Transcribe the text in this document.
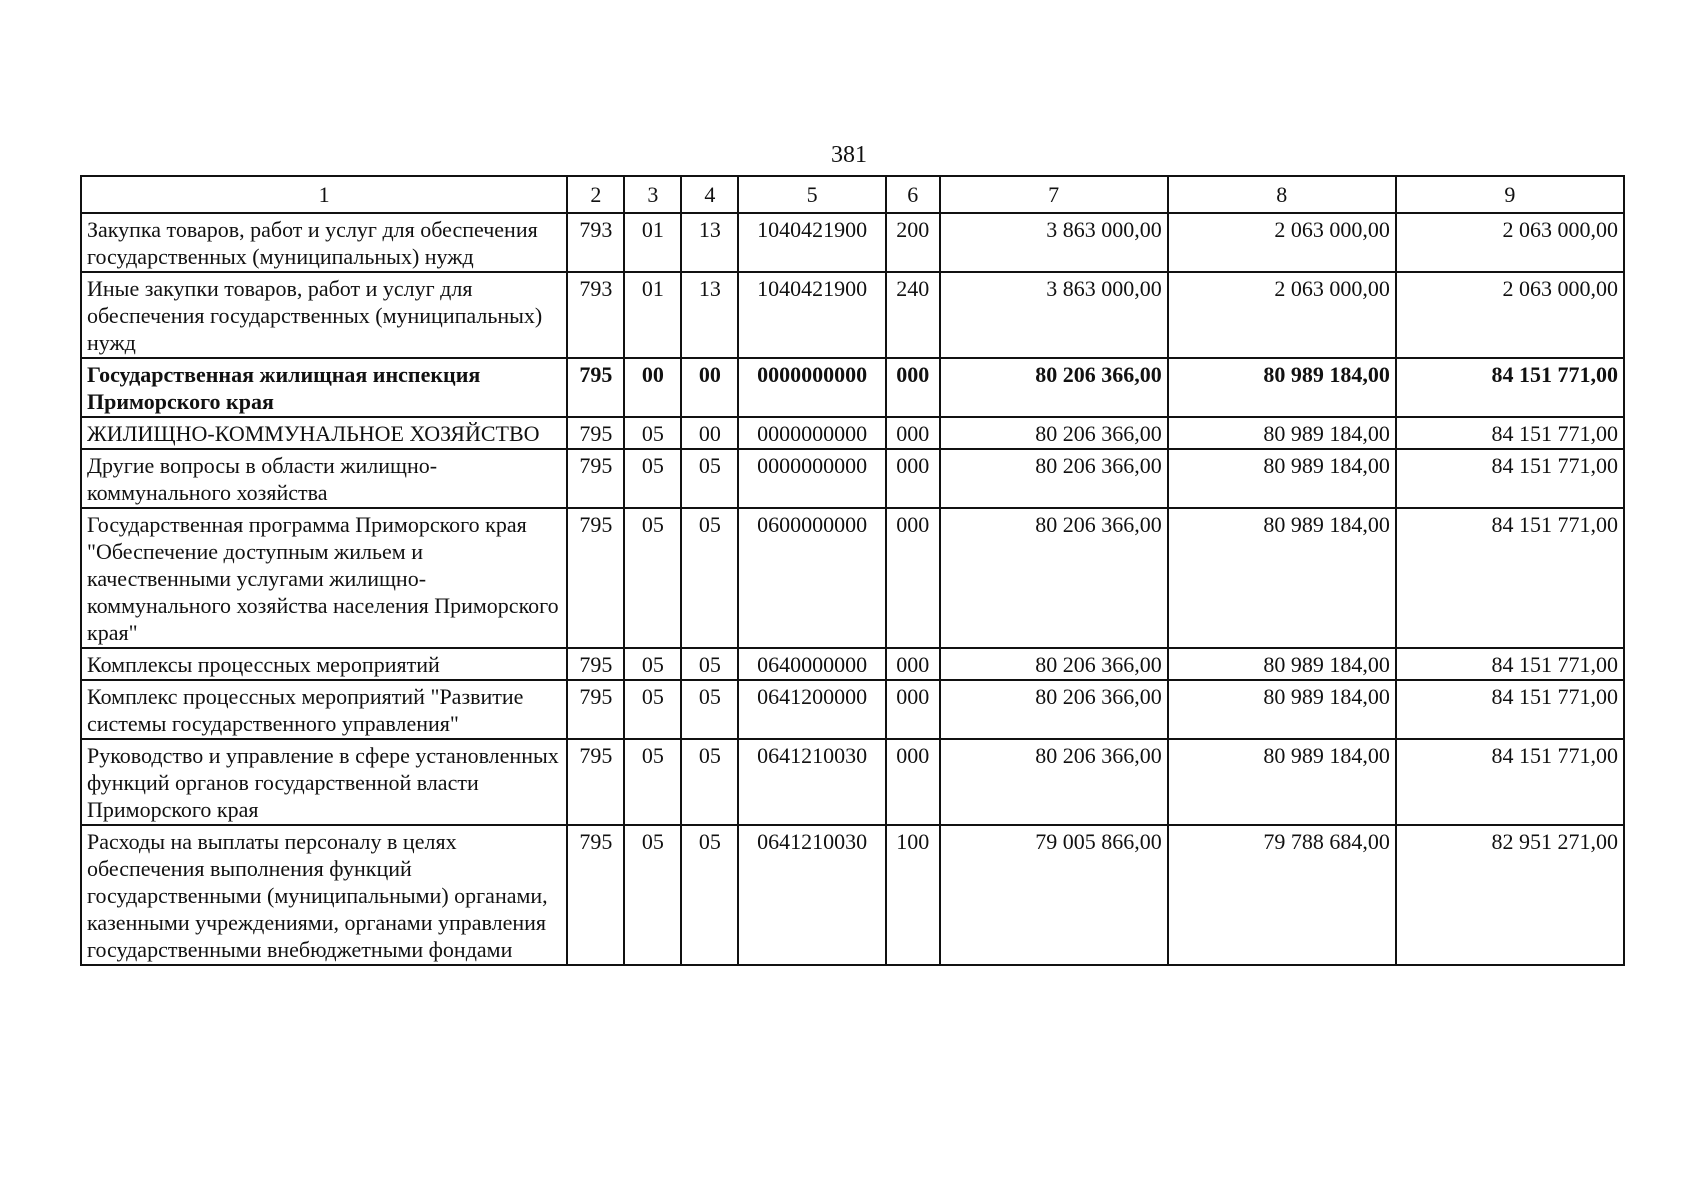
381
1	2	3	4	5	6	7	8	9
Закупка товаров, работ и услуг для обеспечения государственных (муниципальных) нужд	793	01	13	1040421900	200	3 863 000,00	2 063 000,00	2 063 000,00
Иные закупки товаров, работ и услуг для обеспечения государственных (муниципальных) нужд	793	01	13	1040421900	240	3 863 000,00	2 063 000,00	2 063 000,00
Государственная жилищная инспекция Приморского края	795	00	00	0000000000	000	80 206 366,00	80 989 184,00	84 151 771,00
ЖИЛИЩНО-КОММУНАЛЬНОЕ ХОЗЯЙСТВО	795	05	00	0000000000	000	80 206 366,00	80 989 184,00	84 151 771,00
Другие вопросы в области жилищно-коммунального хозяйства	795	05	05	0000000000	000	80 206 366,00	80 989 184,00	84 151 771,00
Государственная программа Приморского края "Обеспечение доступным жильем и качественными услугами жилищно-коммунального хозяйства населения Приморского края"	795	05	05	0600000000	000	80 206 366,00	80 989 184,00	84 151 771,00
Комплексы процессных мероприятий	795	05	05	0640000000	000	80 206 366,00	80 989 184,00	84 151 771,00
Комплекс процессных мероприятий "Развитие системы государственного управления"	795	05	05	0641200000	000	80 206 366,00	80 989 184,00	84 151 771,00
Руководство и управление в сфере установленных функций органов государственной власти Приморского края	795	05	05	0641210030	000	80 206 366,00	80 989 184,00	84 151 771,00
Расходы на выплаты персоналу в целях обеспечения выполнения функций государственными (муниципальными) органами, казенными учреждениями, органами управления государственными внебюджетными фондами	795	05	05	0641210030	100	79 005 866,00	79 788 684,00	82 951 271,00
